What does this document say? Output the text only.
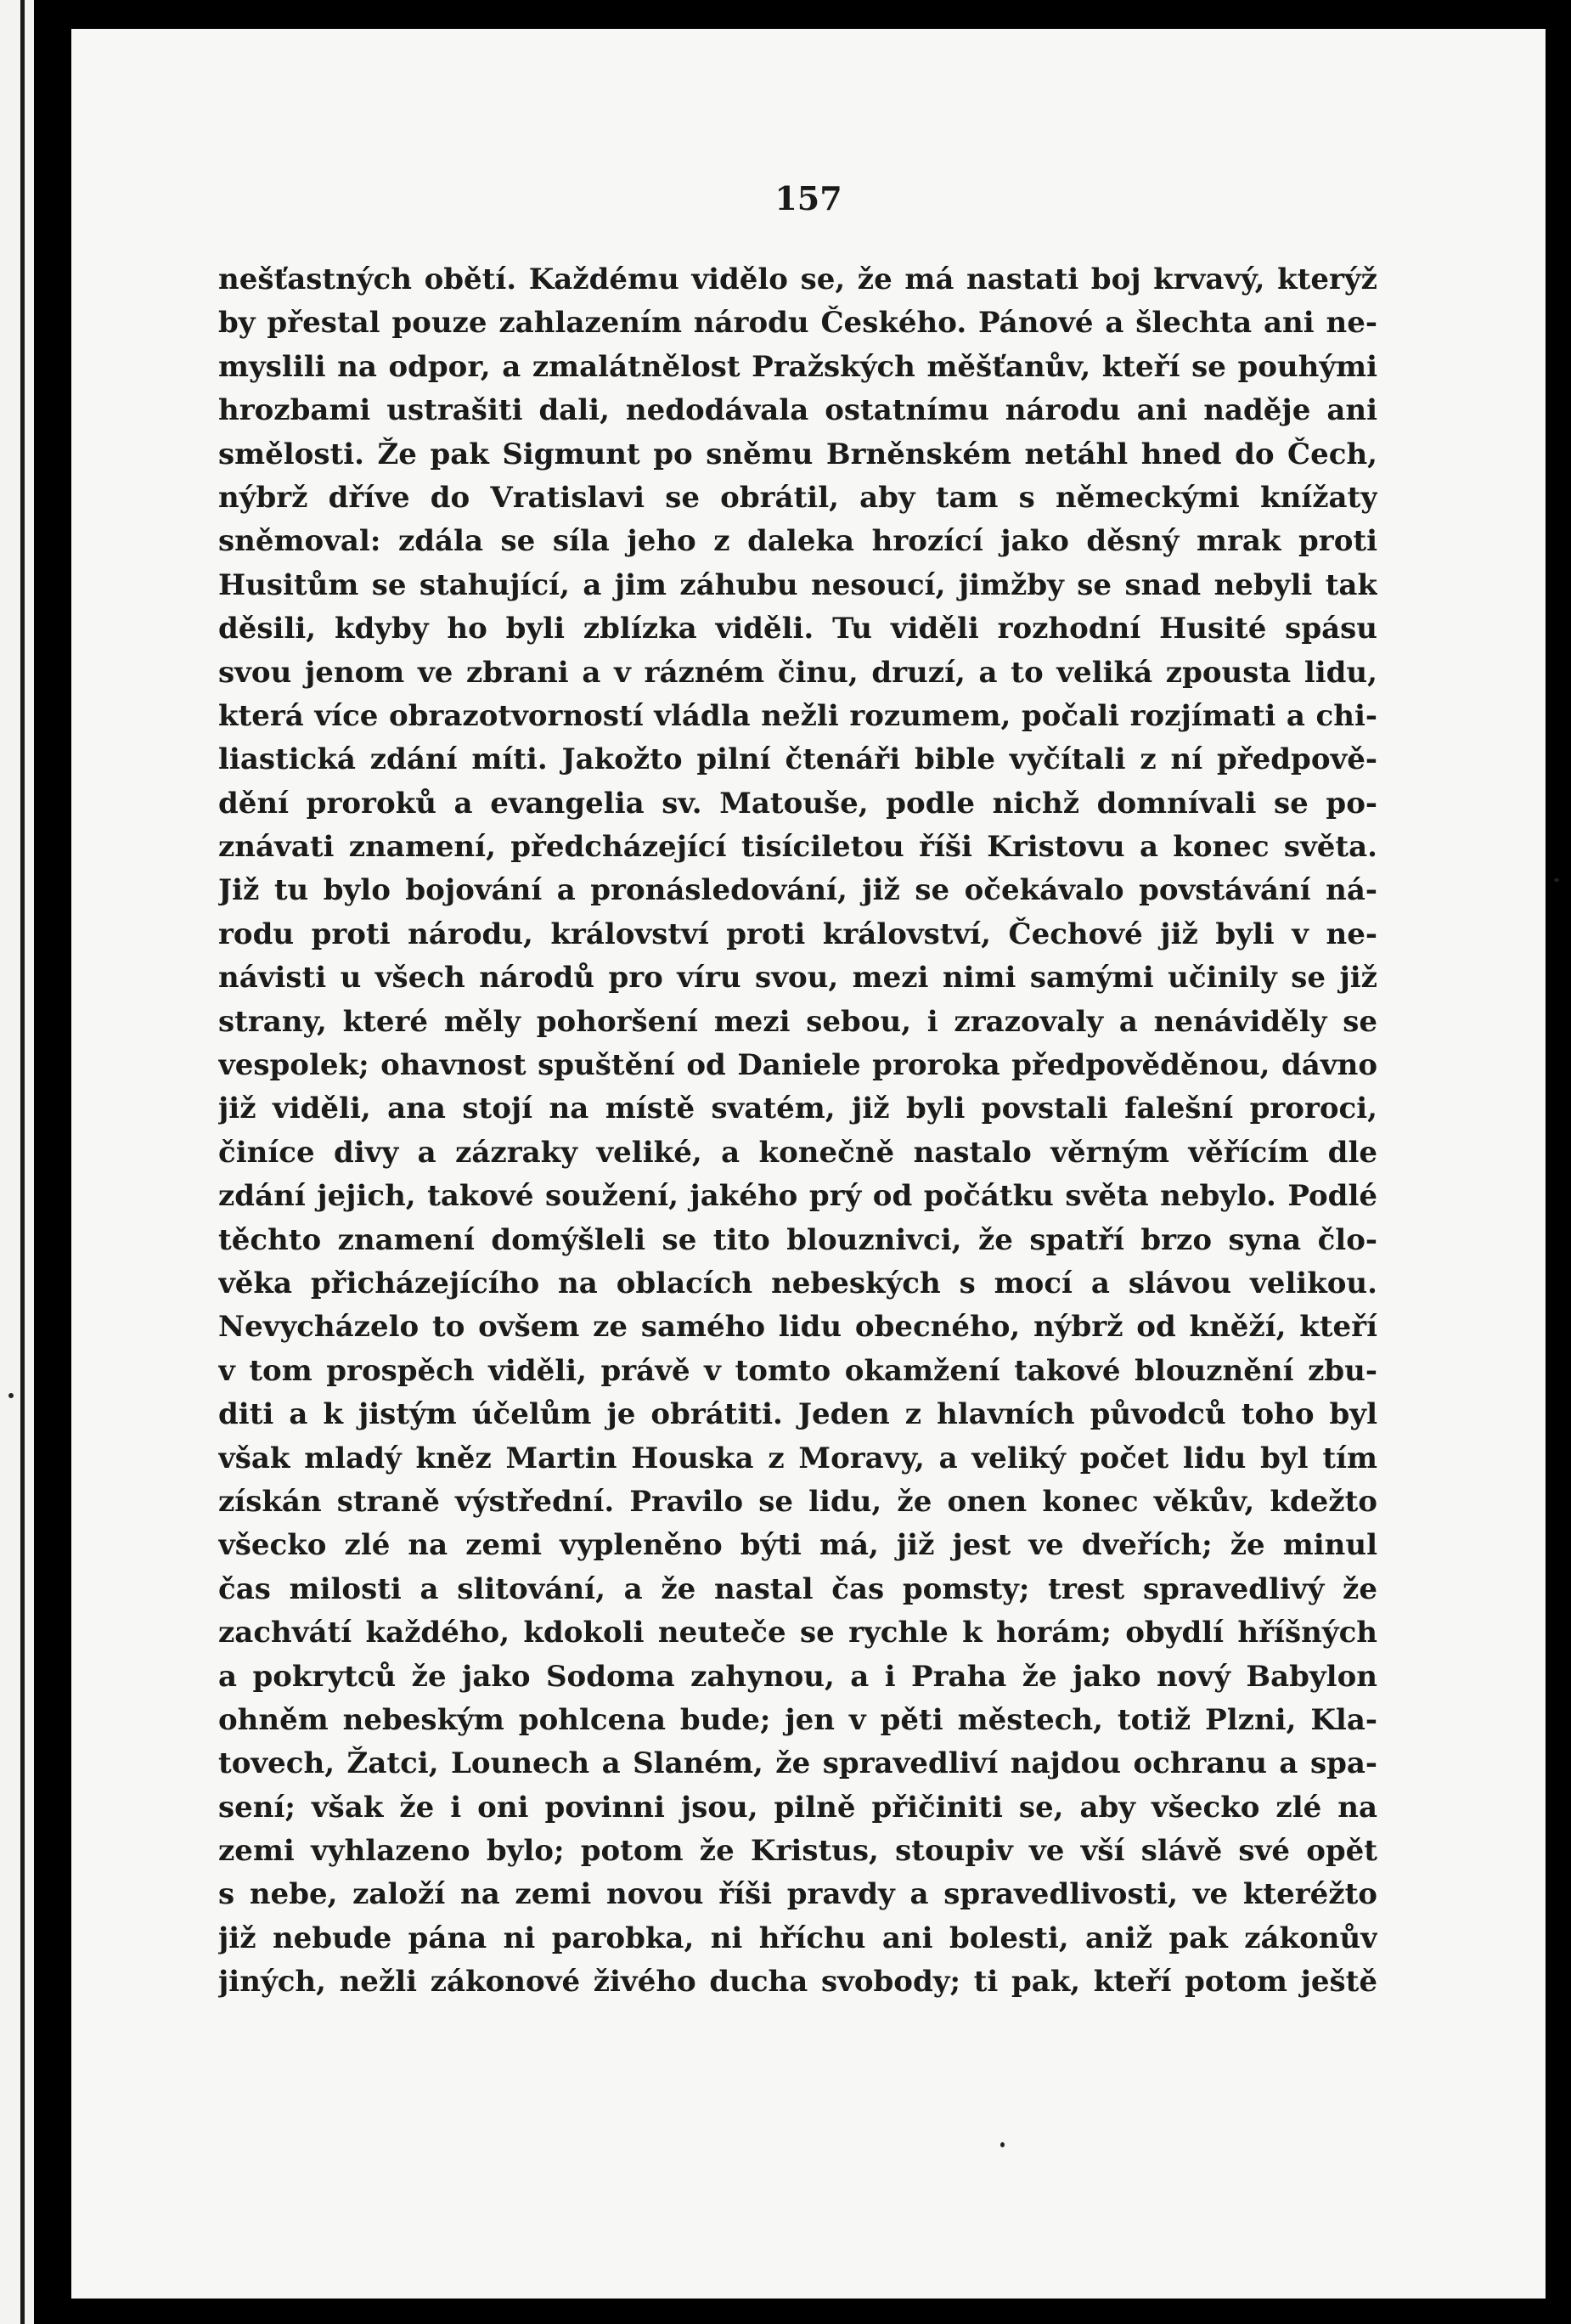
157
nešťastných obětí. Každému vidělo se, že má nastati boj krvavý, kterýž
by přestal pouze zahlazením národu Českého. Pánové a šlechta ani ne-
myslili na odpor, a zmalátnělost Pražských měšťanův, kteří se pouhými
hrozbami ustrašiti dali, nedodávala ostatnímu národu ani naděje ani
smělosti. Že pak Sigmunt po sněmu Brněnském netáhl hned do Čech,
nýbrž dříve do Vratislavi se obrátil, aby tam s německými knížaty
sněmoval: zdála se síla jeho z daleka hrozící jako děsný mrak proti
Husitům se stahující, a jim záhubu nesoucí, jimžby se snad nebyli tak
děsili, kdyby ho byli zblízka viděli. Tu viděli rozhodní Husité spásu
svou jenom ve zbrani a v rázném činu, druzí, a to veliká zpousta lidu,
která více obrazotvorností vládla nežli rozumem, počali rozjímati a chi-
liastická zdání míti. Jakožto pilní čtenáři bible vyčítali z ní předpově-
dění proroků a evangelia sv. Matouše, podle nichž domnívali se po-
znávati znamení, předcházející tisíciletou říši Kristovu a konec světa.
Již tu bylo bojování a pronásledování, již se očekávalo povstávání ná-
rodu proti národu, království proti království, Čechové již byli v ne-
návisti u všech národů pro víru svou, mezi nimi samými učinily se již
strany, které měly pohoršení mezi sebou, i zrazovaly a nenáviděly se
vespolek; ohavnost spuštění od Daniele proroka předpověděnou, dávno
již viděli, ana stojí na místě svatém, již byli povstali falešní proroci,
činíce divy a zázraky veliké, a konečně nastalo věrným věřícím dle
zdání jejich, takové soužení, jakého prý od počátku světa nebylo. Podlé
těchto znamení domýšleli se tito blouznivci, že spatří brzo syna člo-
věka přicházejícího na oblacích nebeských s mocí a slávou velikou.
Nevycházelo to ovšem ze samého lidu obecného, nýbrž od kněží, kteří
v tom prospěch viděli, právě v tomto okamžení takové blouznění zbu-
diti a k jistým účelům je obrátiti. Jeden z hlavních původců toho byl
však mladý kněz Martin Houska z Moravy, a veliký počet lidu byl tím
získán straně výstřední. Pravilo se lidu, že onen konec věkův, kdežto
všecko zlé na zemi vypleněno býti má, již jest ve dveřích; že minul
čas milosti a slitování, a že nastal čas pomsty; trest spravedlivý že
zachvátí každého, kdokoli neuteče se rychle k horám; obydlí hříšných
a pokrytců že jako Sodoma zahynou, a i Praha že jako nový Babylon
ohněm nebeským pohlcena bude; jen v pěti městech, totiž Plzni, Kla-
tovech, Žatci, Lounech a Slaném, že spravedliví najdou ochranu a spa-
sení; však že i oni povinni jsou, pilně přičiniti se, aby všecko zlé na
zemi vyhlazeno bylo; potom že Kristus, stoupiv ve vší slávě své opět
s nebe, založí na zemi novou říši pravdy a spravedlivosti, ve kteréžto
již nebude pána ni parobka, ni hříchu ani bolesti, aniž pak zákonův
jiných, nežli zákonové živého ducha svobody; ti pak, kteří potom ještě
